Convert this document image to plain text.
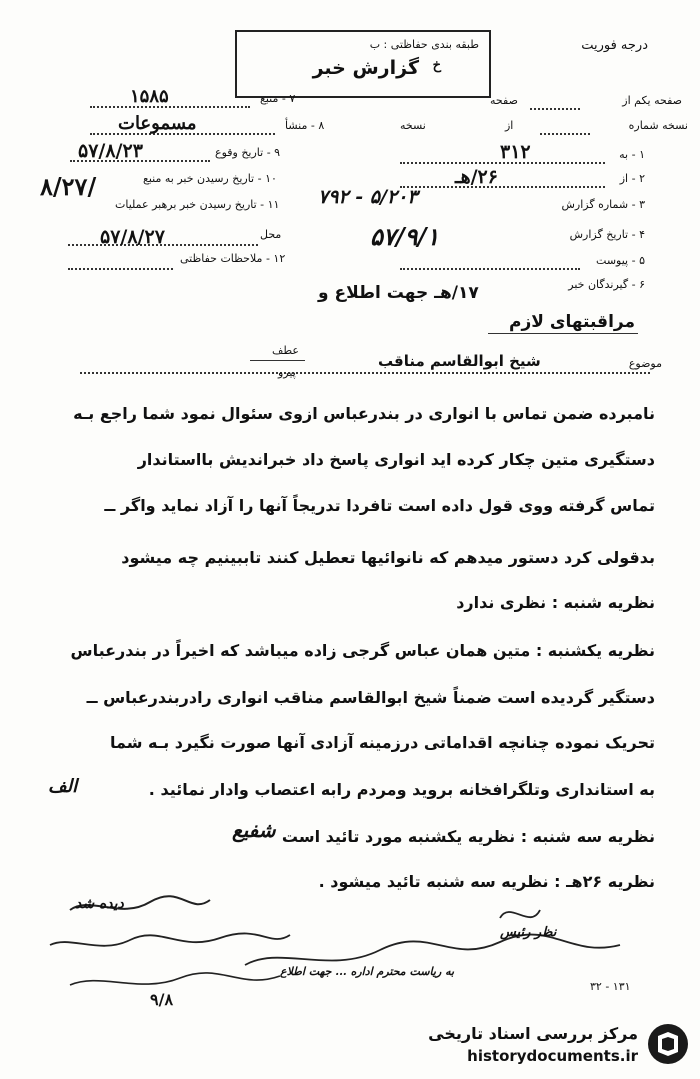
طبقه بندی حفاظتی : ب
خ
گزارش خبر
درجه فوریت
۷ - منبع
۱۵۸۵
۸ - منشأ
مسموعات
۹ - تاریخ وقوع
۵۷/۸/۲۳
۱۰ - تاریخ رسیدن خبر به منبع
۸/۲۷/
۱۱ - تاریخ رسیدن خبر برهبر عملیات
محل
۵۷/۸/۲۷
۱۲ - ملاحظات حفاظتی
صفحه یکم از
صفحه
نسخه شماره
از
نسخه
۱ - به
۳۱۲
۲ - از
۲۶/هـ
۳ - شماره گزارش
۵/۲۰۳ - ۷۹۲
۴ - تاریخ گزارش
۵۷/۹/۱
۵ - پیوست
۶ - گیرندگان خبر
۱۷/هـ جهت اطلاع و
مراقبتهای لازم
موضوع
شیخ ابوالقاسم مناقب
عطف
پیرو
نامبرده ضمن تماس با انواری در بندرعباس ازوی سئوال نمود شما راجع بـه
دستگیری متین چکار کرده اید انواری پاسخ داد خبراندیش بااستاندار
تماس گرفته ووی قول داده است تافردا تدریجاً آنها را آزاد نماید واگر ــ
بدقولی کرد دستور میدهم که نانوائیها تعطیل کنند تاببینیم چه میشود
نظریه شنبه : نظری ندارد
نظریه یکشنبه : متین همان عباس گرجی زاده میباشد که اخیراً در بندرعباس
دستگیر گردیده است ضمناً شیخ ابوالقاسم مناقب انواری رادربندرعباس ــ
تحریک نموده چنانچه اقداماتی درزمینه آزادی آنها صورت نگیرد بـه شما
به استانداری وتلگرافخانه بروید ومردم رابه اعتصاب وادار نمائید .
الف
نظریه سه شنبه : نظریه یکشنبه مورد تائید است
شفیع
نظریه ۲۶هـ : نظریه سه شنبه تائید میشود .
دیده شد
۹/۸
نظر رئیس
۱۳۱ - ۳۲
به ریاست محترم اداره ... جهت اطلاع
مرکز بررسی اسناد تاریخی
historydocuments.ir
